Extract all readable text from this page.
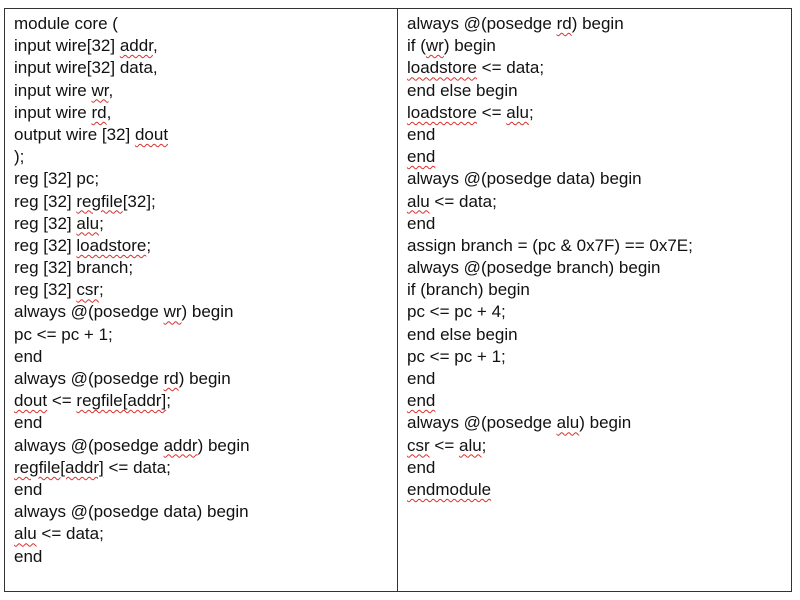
module core (
input wire[32] addr,
input wire[32] data,
input wire wr,
input wire rd,
output wire [32] dout
);
reg [32] pc;
reg [32] regfile[32];
reg [32] alu;
reg [32] loadstore;
reg [32] branch;
reg [32] csr;
always @(posedge wr) begin
pc <= pc + 1;
end
always @(posedge rd) begin
dout <= regfile[addr];
end
always @(posedge addr) begin
regfile[addr] <= data;
end
always @(posedge data) begin
alu <= data;
end
always @(posedge rd) begin
if (wr) begin
loadstore <= data;
end else begin
loadstore <= alu;
end
end
always @(posedge data) begin
alu <= data;
end
assign branch = (pc & 0x7F) == 0x7E;
always @(posedge branch) begin
if (branch) begin
pc <= pc + 4;
end else begin
pc <= pc + 1;
end
end
always @(posedge alu) begin
csr <= alu;
end
endmodule
